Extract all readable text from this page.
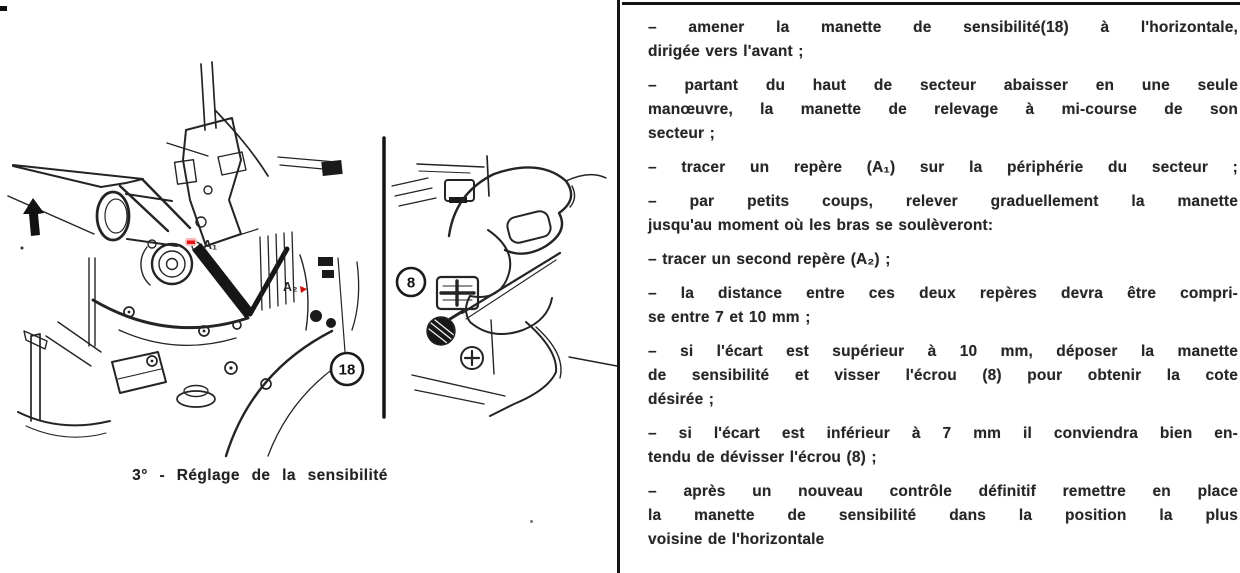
A₁
A₂
18
8
3° - Réglage de la sensibilité
– amener la manette de sensibilité(18) à l'horizontale,
dirigée vers l'avant ;
– partant du haut de secteur abaisser en une seule
manœuvre, la manette de relevage à mi-course de son
secteur ;
– tracer un repère (A₁) sur la périphérie du secteur ;
– par petits coups, relever graduellement la manette
jusqu'au moment où les bras se soulèveront:
– tracer un second repère (A₂) ;
– la distance entre ces deux repères devra être compri-
se entre 7 et 10 mm ;
– si l'écart est supérieur à 10 mm, déposer la manette
de sensibilité et visser l'écrou (8) pour obtenir la cote
désirée ;
– si l'écart est inférieur à 7 mm il conviendra bien en-
tendu de dévisser l'écrou (8) ;
– après un nouveau contrôle définitif remettre en place
la manette de sensibilité dans la position la plus
voisine de l'horizontale
